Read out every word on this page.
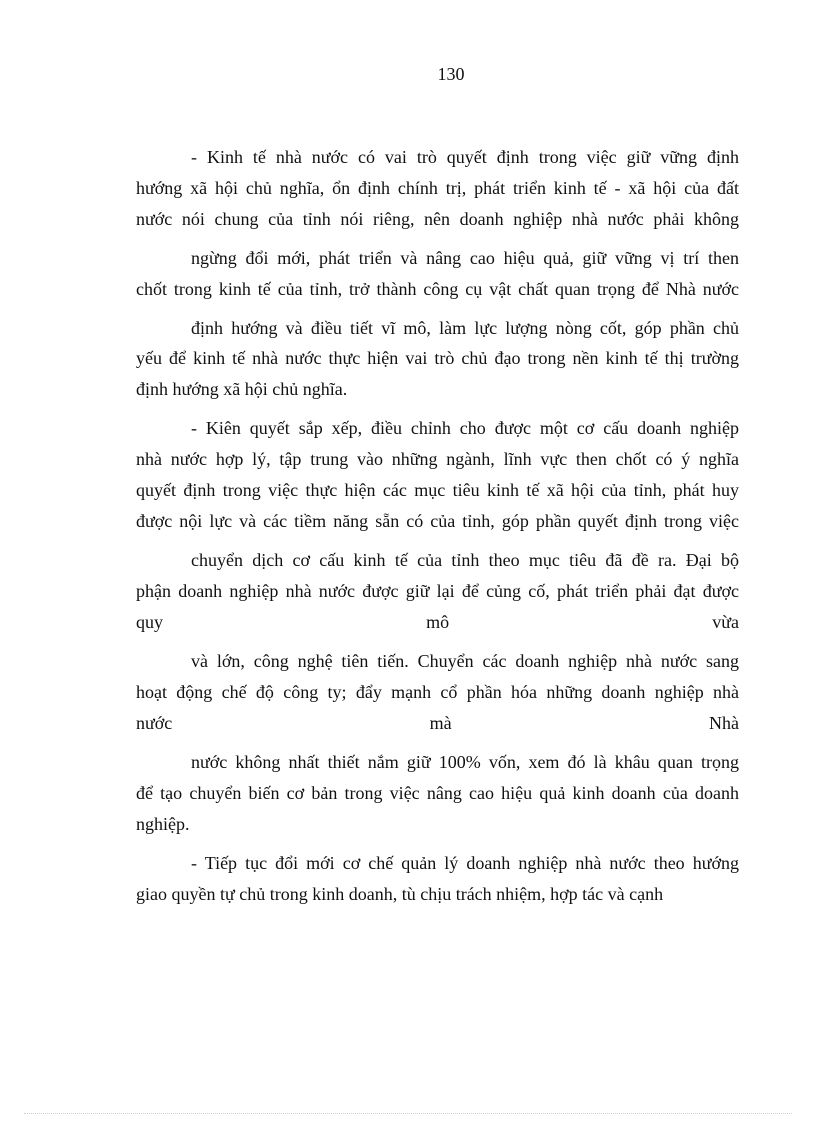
130
- Kinh tế nhà nước có vai trò quyết định trong việc giữ vững định
hướng xã hội chủ nghĩa, ổn định chính trị, phát triển kinh tế - xã hội của đất
nước nói chung của tỉnh nói riêng, nên doanh nghiệp nhà nước phải không
ngừng đổi mới, phát triển và nâng cao hiệu quả, giữ vững vị trí then
chốt trong kinh tế của tỉnh, trở thành công cụ vật chất quan trọng để Nhà nước
định hướng và điều tiết vĩ mô, làm lực lượng nòng cốt, góp phần chủ
yếu để kinh tế nhà nước thực hiện vai trò chủ đạo trong nền kinh tế thị trường
định hướng xã hội chủ nghĩa.
- Kiên quyết sắp xếp, điều chỉnh cho được một cơ cấu doanh nghiệp
nhà nước hợp lý, tập trung vào những ngành, lĩnh vực then chốt có ý nghĩa
quyết định trong việc thực hiện các mục tiêu kinh tế xã hội của tỉnh, phát huy
được nội lực và các tiềm năng sẵn có của tỉnh, góp phần quyết định trong việc
chuyển dịch cơ cấu kinh tế của tỉnh theo mục tiêu đã đề ra. Đại bộ
phận doanh nghiệp nhà nước được giữ lại để củng cố, phát triển phải đạt được
quy mô vừa
và lớn, công nghệ tiên tiến. Chuyển các doanh nghiệp nhà nước sang
hoạt động chế độ công ty; đẩy mạnh cổ phần hóa những doanh nghiệp nhà
nước mà Nhà
nước không nhất thiết nắm giữ 100% vốn, xem đó là khâu quan trọng
để tạo chuyển biến cơ bản trong việc nâng cao hiệu quả kinh doanh của doanh
nghiệp.
- Tiếp tục đổi mới cơ chế quản lý doanh nghiệp nhà nước theo hướng
giao quyền tự chủ trong kinh doanh, tù chịu trách nhiệm, hợp tác và cạnh
